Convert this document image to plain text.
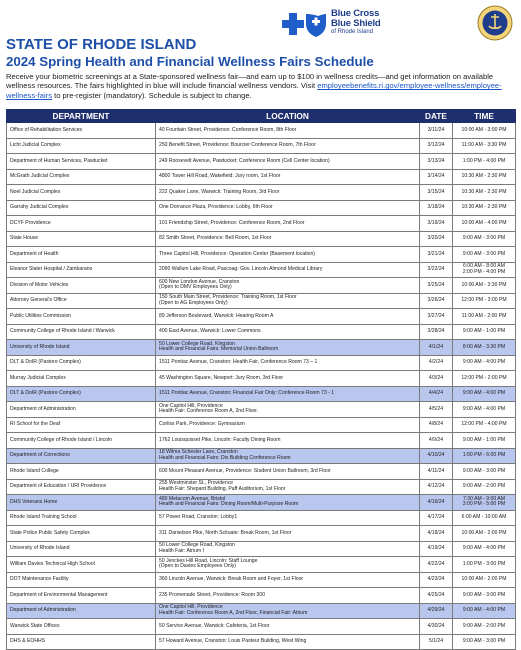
Blue Cross
Blue Shield
of Rhode Island
STATE OF RHODE ISLAND
2024 Spring Health and Financial Wellness Fairs Schedule

Receive your biometric screenings at a State-sponsored wellness fair—and earn up to $100 in wellness credits—and get information on available wellness resources. The fairs highlighted in blue will include financial wellness vendors. Visit employeebenefits.ri.gov/employee-wellness/employee-wellness-fairs to pre-register (mandatory). Schedule is subject to change.

DEPARTMENT	LOCATION	DATE	TIME
Office of Rehabilitation Services	40 Fountain Street, Providence: Conference Room, 8th Floor	3/11/24	10:00 AM - 3:00 PM

Licht Judicial Complex	250 Benefit Street, Providence: Bourcier Conference Room, 7th Floor	3/12/24	11:00 AM - 3:30 PM

Department of Human Services, Pawtucket	249 Roosevelt Avenue, Pawtucket: Conference Room (Cell Center location)	3/13/24	1:00 PM - 4:00 PM

McGrath Judicial Complex	4800 Tower Hill Road, Wakefield: Jury room, 1st Floor	3/14/24	10:30 AM - 2:30 PM

Noel Judicial Complex	222 Quaker Lane, Warwick: Training Room, 3rd Floor	3/15/24	10:30 AM - 2:30 PM

Garrahy Judicial Complex	One Dorrance Plaza, Providence: Lobby, 6th Floor	3/18/24	10:30 AM - 2:30 PM

DCYF Providence	101 Friendship Street, Providence: Conference Room, 2nd Floor	3/19/24	10:00 AM - 4:00 PM

State House	82 Smith Street, Providence: Bell Room, 1st Floor	3/20/24	9:00 AM - 3:00 PM

Department of Health	Three Capitol Hill, Providence: Operation Center (Basement location)	3/21/24	9:00 AM - 3:00 PM

Eleanor Slater Hospital / Zambarano	2090 Wallum Lake Road, Pascoag: Gov. Lincoln Almond Medical Library	3/22/24	6:00 AM - 8:00 AM
2:00 PM - 4:00 PM

Division of Motor Vehicles	600 New London Avenue, Cranston
(Open to DMV Employees Only)	3/25/24	10:00 AM - 3:30 PM

Attorney General's Office	150 South Main Street, Providence: Training Room, 1st Floor
(Open to AG Employees Only)	3/26/24	12:00 PM - 3:00 PM

Public Utilities Commission	89 Jefferson Boulevard, Warwick: Hearing Room A	3/27/24	11:00 AM - 2:00 PM

Community College of Rhode Island / Warwick	400 East Avenue, Warwick: Lower Commons	3/28/24	9:00 AM - 1:00 PM

University of Rhode Island	50 Lower College Road, Kingston
Health and Financial Fairs: Memorial Union Ballroom	4/1/24	8:00 AM - 3:30 PM

DLT & DoIR (Pastore Complex)	1511 Pontiac Avenue, Cranston: Health Fair, Conference Room 73 – 1	4/2/24	9:00 AM - 4:00 PM

Murray Judicial Complex	45 Washington Square, Newport: Jury Room, 3rd Floor	4/3/24	12:00 PM - 2:00 PM

DLT & DoIR (Pastore Complex)	1511 Pontiac Avenue, Cranston: Financial Fair Only: Conference Room 73 - 1	4/4/24	9:00 AM - 4:00 PM

Department of Administration	One Capitol Hill, Providence
Health Fair: Conference Room A, 2nd Floor.	4/5/24	9:00 AM - 4:00 PM

RI School for the Deaf	Corliss Park, Providence: Gymnasium	4/8/24	12:00 PM - 4:00 PM

Community College of Rhode Island / Lincoln	1762 Louisquisset Pike, Lincoln: Faculty Dining Room	4/9/24	9:00 AM - 1:00 PM

Department of Corrections	18 Wilma Schesler Lane, Cranston
Health and Financial Fairs: Dix Building Conference Room	4/10/24	1:00 PM - 6:00 PM

Rhode Island College	600 Mount Pleasant Avenue, Providence: Student Union Ballroom, 3rd Floor	4/11/24	9:00 AM - 3:00 PM

Department of Education / URI Providence	255 Westminster St., Providence
Health Fair: Shepard Building, Paff Auditorium, 1st Floor	4/12/24	9:00 AM - 2:00 PM

DHS Veterans Home	480 Metacom Avenue, Bristol
Health and Financial Fairs: Dining Room/Multi-Purpose Room	4/16/24	7:30 AM - 9:00 AM
3:00 PM - 5:00 PM

Rhode Island Training School	57 Power Road, Cranston: Lobby1	4/17/24	6:00 AM - 10:00 AM

State Police Public Safety Complex	311 Danielson Pike, North Scituate: Break Room, 1st Floor	4/18/24	10:00 AM - 2:00 PM

University of Rhode Island	50 Lower College Road, Kingston
Health Fair: Atrium I	4/19/24	9:00 AM - 4:00 PM

William Davies Technical High School	50 Jenckes Hill Road, Lincoln: Staff Lounge
(Open to Davies Employees Only)	4/22/24	1:00 PM - 3:00 PM

DOT Maintenance Facility	360 Lincoln Avenue, Warwick: Break Room and Foyer, 1st Floor	4/23/24	10:00 AM - 2:00 PM

Department of Environmental Management	235 Promenade Street, Providence: Room 300	4/25/24	9:00 AM - 3:00 PM

Department of Administration	One Capitol Hill, Providence
Health Fair: Conference Room A, 2nd Floor, Financial Fair: Atrium	4/29/24	9:00 AM - 4:00 PM

Warwick State Offices	50 Service Avenue, Warwick: Cafeteria, 1st Floor	4/30/24	9:00 AM - 2:00 PM

DHS & EOHHS	57 Howard Avenue, Cranston: Louis Pasteur Building, West Wing	5/1/24	9:00 AM - 3:00 PM
